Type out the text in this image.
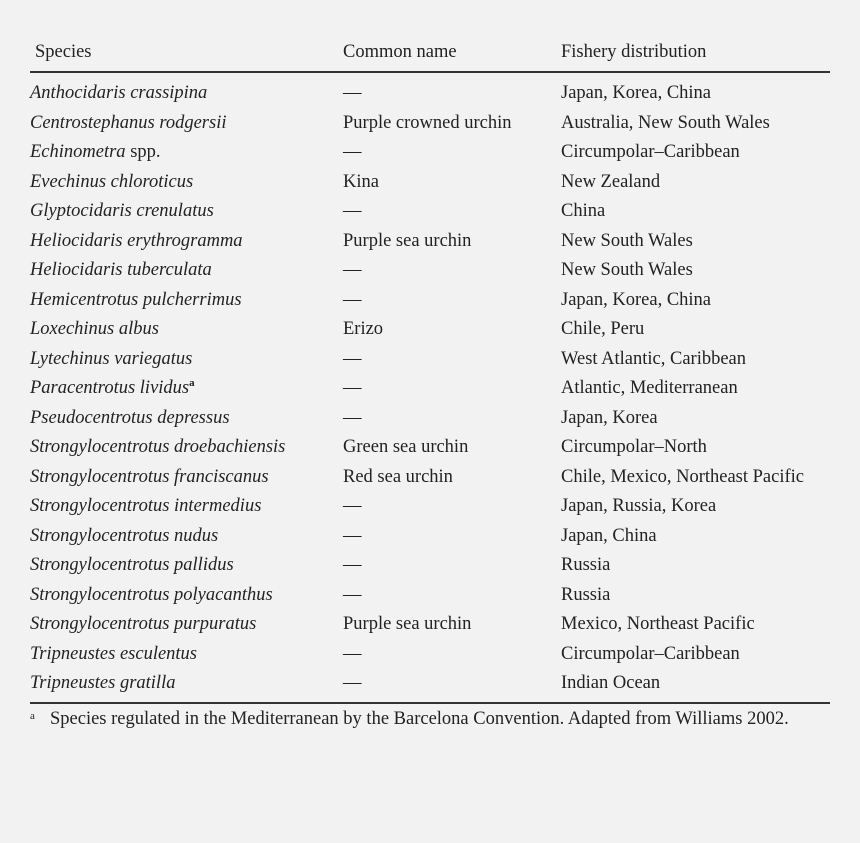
Species	Common name	Fishery distribution
Anthocidaris crassipina	—	Japan, Korea, China
Centrostephanus rodgersii	Purple crowned urchin	Australia, New South Wales
Echinometra spp.	—	Circumpolar–Caribbean
Evechinus chloroticus	Kina	New Zealand
Glyptocidaris crenulatus	—	China
Heliocidaris erythrogramma	Purple sea urchin	New South Wales
Heliocidaris tuberculata	—	New South Wales
Hemicentrotus pulcherrimus	—	Japan, Korea, China
Loxechinus albus	Erizo	Chile, Peru
Lytechinus variegatus	—	West Atlantic, Caribbean
Paracentrotus lividus$^a$	—	Atlantic, Mediterranean
Pseudocentrotus depressus	—	Japan, Korea
Strongylocentrotus droebachiensis	Green sea urchin	Circumpolar–North
Strongylocentrotus franciscanus	Red sea urchin	Chile, Mexico, Northeast Pacific
Strongylocentrotus intermedius	—	Japan, Russia, Korea
Strongylocentrotus nudus	—	Japan, China
Strongylocentrotus pallidus	—	Russia
Strongylocentrotus polyacanthus	—	Russia
Strongylocentrotus purpuratus	Purple sea urchin	Mexico, Northeast Pacific
Tripneustes esculentus	—	Circumpolar–Caribbean
Tripneustes gratilla	—	Indian Ocean
a Species regulated in the Mediterranean by the Barcelona Convention. Adapted from Williams 2002.
